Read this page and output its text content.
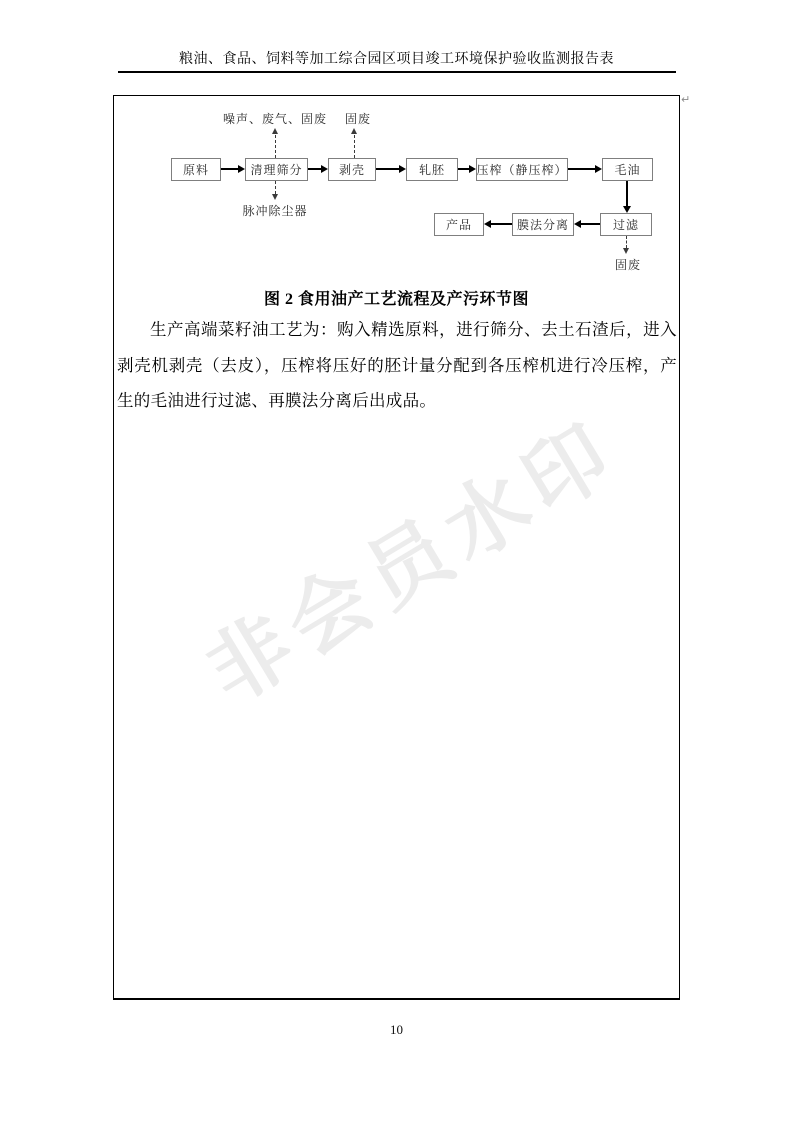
粮油、食品、饲料等加工综合园区项目竣工环境保护验收监测报告表
↵
非会员水印
噪声、废气、固废	固废
原料	清理筛分	剥壳	轧胚	压榨（静压榨）	毛油
脉冲除尘器
产品	膜法分离	过滤
固废
图 2 食用油产工艺流程及产污环节图
生产高端菜籽油工艺为：购入精选原料，进行筛分、去土石渣后，进入剥壳机剥壳（去皮），压榨将压好的胚计量分配到各压榨机进行冷压榨，产生的毛油进行过滤、再膜法分离后出成品。
10
